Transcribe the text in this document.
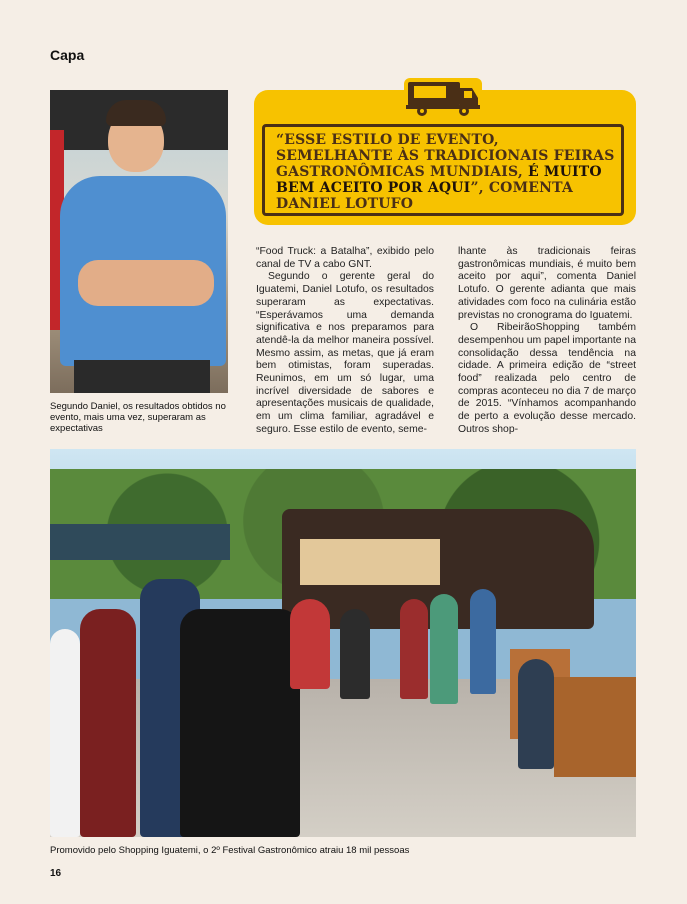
Capa
Segundo Daniel, os resultados obtidos no evento, mais uma vez, superaram as expectativas
“ESSE ESTILO DE EVENTO, SEMELHANTE ÀS TRADICIONAIS FEIRAS GASTRONÔMICAS MUNDIAIS, É MUITO BEM ACEITO POR AQUI”, COMENTA DANIEL LOTUFO

“Food Truck: a Batalha”, exibido pelo canal de TV a cabo GNT.

Segundo o gerente geral do Iguatemi, Daniel Lotufo, os resultados superaram as expectativas. “Esperávamos uma demanda significativa e nos preparamos para atendê-la da melhor maneira possível. Mesmo assim, as metas, que já eram bem otimistas, foram superadas. Reunimos, em um só lugar, uma incrível diversidade de sabores e apresentações musicais de qualidade, em um clima familiar, agradável e seguro. Esse estilo de evento, seme-

lhante às tradicionais feiras gastronômicas mundiais, é muito bem aceito por aqui”, comenta Daniel Lotufo. O gerente adianta que mais atividades com foco na culinária estão previstas no cronograma do Iguatemi.

O RibeirãoShopping também desempenhou um papel importante na consolidação dessa tendência na cidade. A primeira edição de “street food” realizada pelo centro de compras aconteceu no dia 7 de março de 2015. “Vínhamos acompanhando de perto a evolução desse mercado. Outros shop-

Promovido pelo Shopping Iguatemi, o 2º Festival Gastronômico atraiu 18 mil pessoas
16
